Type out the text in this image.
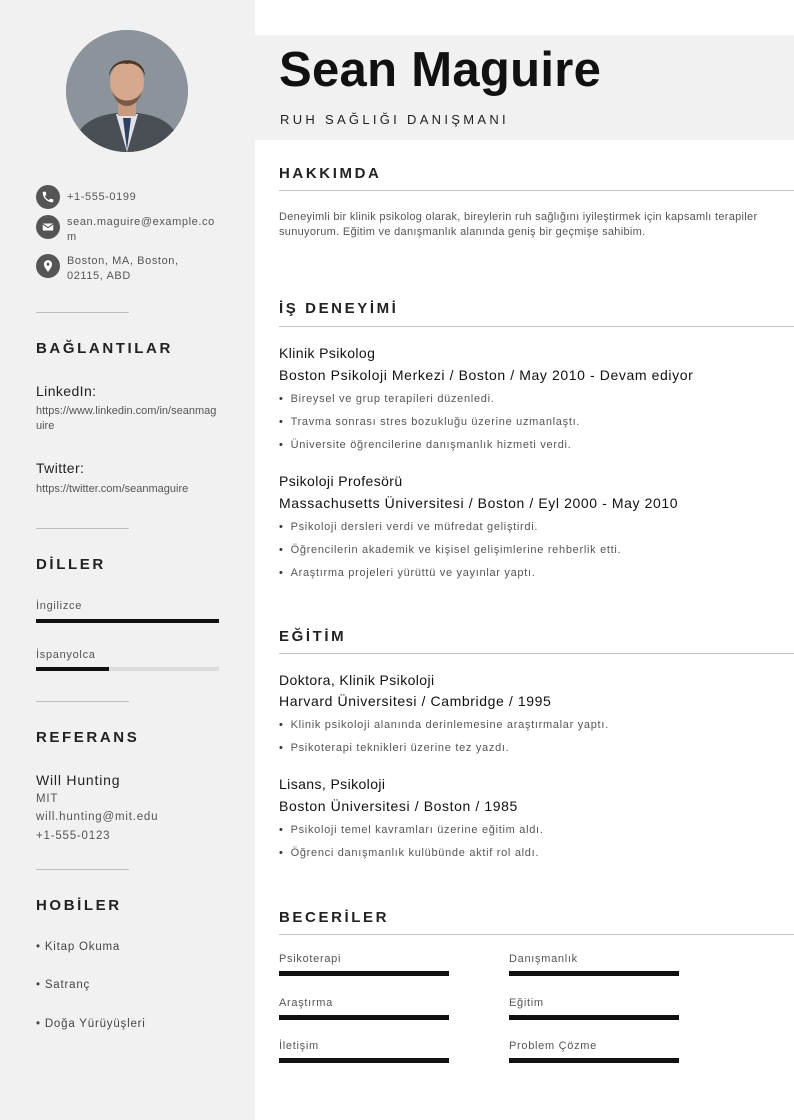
+1-555-0199
sean.maguire@example.com
Boston, MA, Boston, 02115, ABD
BAĞLANTILAR
LinkedIn:
https://www.linkedin.com/in/seanmaguire
Twitter:
https://twitter.com/seanmaguire
DİLLER
İngilizce
İspanyolca
REFERANS
Will Hunting
MIT
will.hunting@mit.edu
+1-555-0123
HOBİLER
• Kitap Okuma
• Satranç
• Doğa Yürüyüşleri
Sean Maguire
RUH SAĞLIĞI DANIŞMANI
HAKKIMDA
Deneyimli bir klinik psikolog olarak, bireylerin ruh sağlığını iyileştirmek için kapsamlı terapiler sunuyorum. Eğitim ve danışmanlık alanında geniş bir geçmişe sahibim.
İŞ DENEYİMİ
Klinik Psikolog
Boston Psikoloji Merkezi / Boston / May 2010 - Devam ediyor
• Bireysel ve grup terapileri düzenledi.
• Travma sonrası stres bozukluğu üzerine uzmanlaştı.
• Üniversite öğrencilerine danışmanlık hizmeti verdi.
Psikoloji Profesörü
Massachusetts Üniversitesi / Boston / Eyl 2000 - May 2010
• Psikoloji dersleri verdi ve müfredat geliştirdi.
• Öğrencilerin akademik ve kişisel gelişimlerine rehberlik etti.
• Araştırma projeleri yürüttü ve yayınlar yaptı.
EĞİTİM
Doktora, Klinik Psikoloji
Harvard Üniversitesi / Cambridge / 1995
• Klinik psikoloji alanında derinlemesine araştırmalar yaptı.
• Psikoterapi teknikleri üzerine tez yazdı.
Lisans, Psikoloji
Boston Üniversitesi / Boston / 1985
• Psikoloji temel kavramları üzerine eğitim aldı.
• Öğrenci danışmanlık kulübünde aktif rol aldı.
BECERİLER
Psikoterapi	Danışmanlık
Araştırma	Eğitim
İletişim	Problem Çözme
